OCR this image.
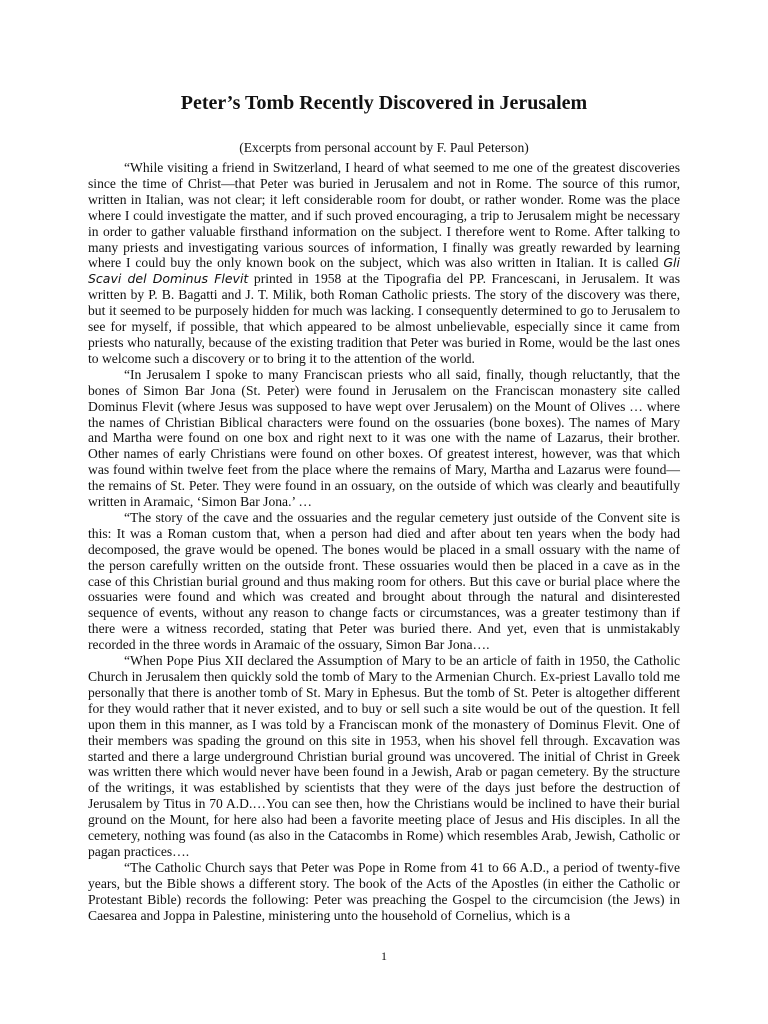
Peter’s Tomb Recently Discovered in Jerusalem
(Excerpts from personal account by F. Paul Peterson)

“While visiting a friend in Switzerland, I heard of what seemed to me one of the greatest discoveries since the time of Christ—that Peter was buried in Jerusalem and not in Rome. The source of this rumor, written in Italian, was not clear; it left considerable room for doubt, or rather wonder. Rome was the place where I could investigate the matter, and if such proved encouraging, a trip to Jerusalem might be necessary in order to gather valuable firsthand information on the subject. I therefore went to Rome. After talking to many priests and investigating various sources of information, I finally was greatly rewarded by learning where I could buy the only known book on the subject, which was also written in Italian. It is called Gli Scavi del Dominus Flevit printed in 1958 at the Tipografia del PP. Francescani, in Jerusalem. It was written by P. B. Bagatti and J. T. Milik, both Roman Catholic priests. The story of the discovery was there, but it seemed to be purposely hidden for much was lacking. I consequently determined to go to Jerusalem to see for myself, if possible, that which appeared to be almost unbelievable, especially since it came from priests who naturally, because of the existing tradition that Peter was buried in Rome, would be the last ones to welcome such a discovery or to bring it to the attention of the world.

“In Jerusalem I spoke to many Franciscan priests who all said, finally, though reluctantly, that the bones of Simon Bar Jona (St. Peter) were found in Jerusalem on the Franciscan monastery site called Dominus Flevit (where Jesus was supposed to have wept over Jerusalem) on the Mount of Olives … where the names of Christian Biblical characters were found on the ossuaries (bone boxes). The names of Mary and Martha were found on one box and right next to it was one with the name of Lazarus, their brother. Other names of early Christians were found on other boxes. Of greatest interest, however, was that which was found within twelve feet from the place where the remains of Mary, Martha and Lazarus were found—the remains of St. Peter. They were found in an ossuary, on the outside of which was clearly and beautifully written in Aramaic, ‘Simon Bar Jona.’ …

“The story of the cave and the ossuaries and the regular cemetery just outside of the Convent site is this: It was a Roman custom that, when a person had died and after about ten years when the body had decomposed, the grave would be opened. The bones would be placed in a small ossuary with the name of the person carefully written on the outside front. These ossuaries would then be placed in a cave as in the case of this Christian burial ground and thus making room for others. But this cave or burial place where the ossuaries were found and which was created and brought about through the natural and disinterested sequence of events, without any reason to change facts or circumstances, was a greater testimony than if there were a witness recorded, stating that Peter was buried there. And yet, even that is unmistakably recorded in the three words in Aramaic of the ossuary, Simon Bar Jona….

“When Pope Pius XII declared the Assumption of Mary to be an article of faith in 1950, the Catholic Church in Jerusalem then quickly sold the tomb of Mary to the Armenian Church. Ex-priest Lavallo told me personally that there is another tomb of St. Mary in Ephesus. But the tomb of St. Peter is altogether different for they would rather that it never existed, and to buy or sell such a site would be out of the question. It fell upon them in this manner, as I was told by a Franciscan monk of the monastery of Dominus Flevit. One of their members was spading the ground on this site in 1953, when his shovel fell through. Excavation was started and there a large underground Christian burial ground was uncovered. The initial of Christ in Greek was written there which would never have been found in a Jewish, Arab or pagan cemetery. By the structure of the writings, it was established by scientists that they were of the days just before the destruction of Jerusalem by Titus in 70 A.D.…You can see then, how the Christians would be inclined to have their burial ground on the Mount, for here also had been a favorite meeting place of Jesus and His disciples. In all the cemetery, nothing was found (as also in the Catacombs in Rome) which resembles Arab, Jewish, Catholic or pagan practices….

“The Catholic Church says that Peter was Pope in Rome from 41 to 66 A.D., a period of twenty-five years, but the Bible shows a different story. The book of the Acts of the Apostles (in either the Catholic or Protestant Bible) records the following: Peter was preaching the Gospel to the circumcision (the Jews) in Caesarea and Joppa in Palestine, ministering unto the household of Cornelius, which is a

1
